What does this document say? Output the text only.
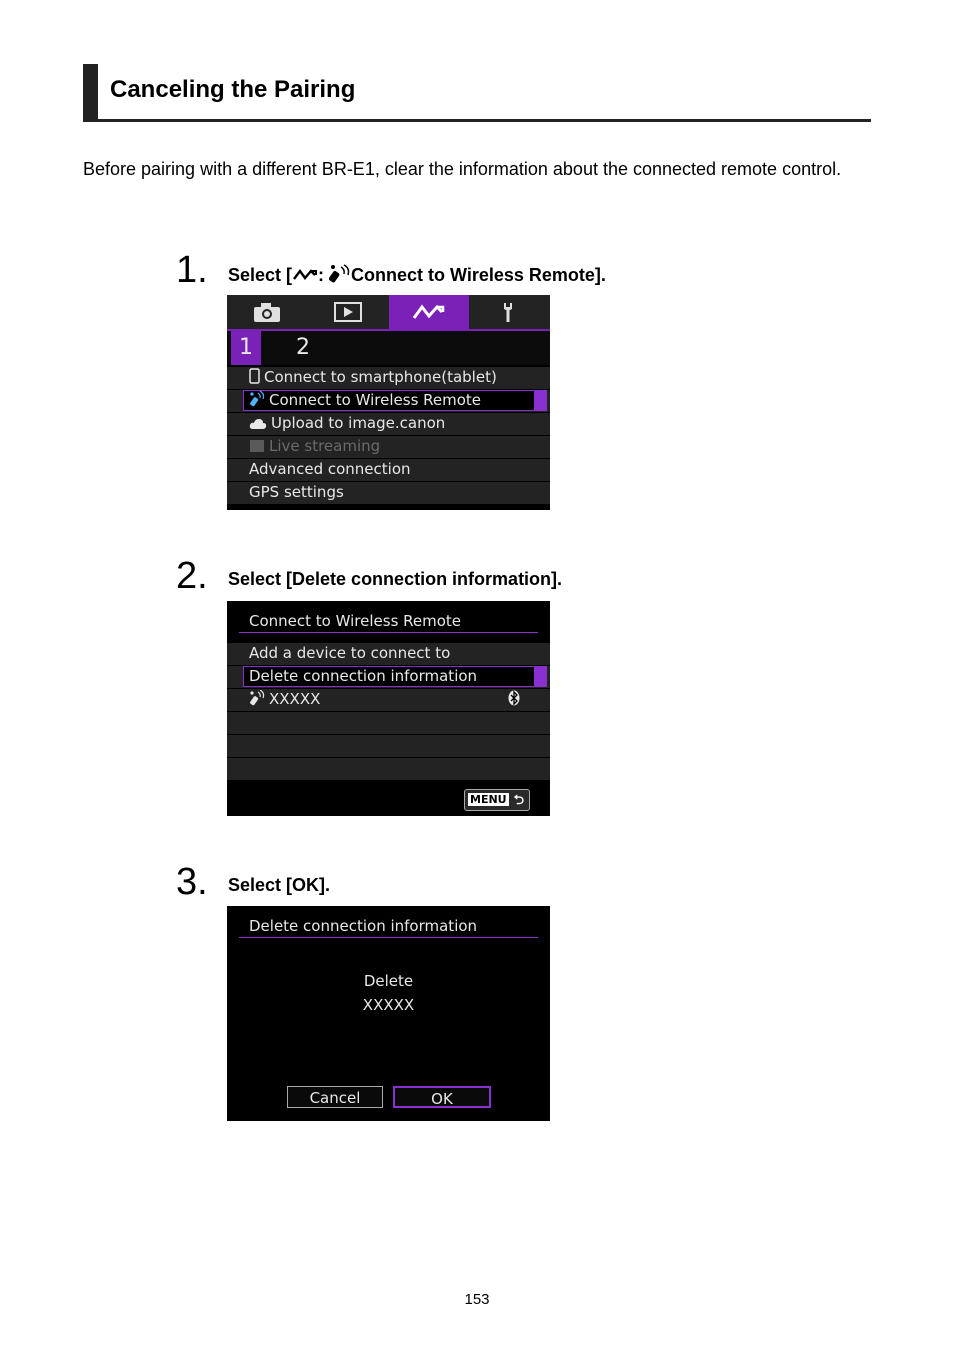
Canceling the Pairing

Before pairing with a different BR-E1, clear the information about the connected remote control.

1. Select [ : Connect to Wireless Remote].
1	2
Connect to smartphone(tablet)
Connect to Wireless Remote
Upload to image.canon
Live streaming
Advanced connection
GPS settings
2. Select [Delete connection information].
Connect to Wireless Remote
Add a device to connect to
Delete connection information
XXXXX
MENU ⮌
3. Select [OK].
Delete connection information
Delete
XXXXX
Cancel	OK
153
